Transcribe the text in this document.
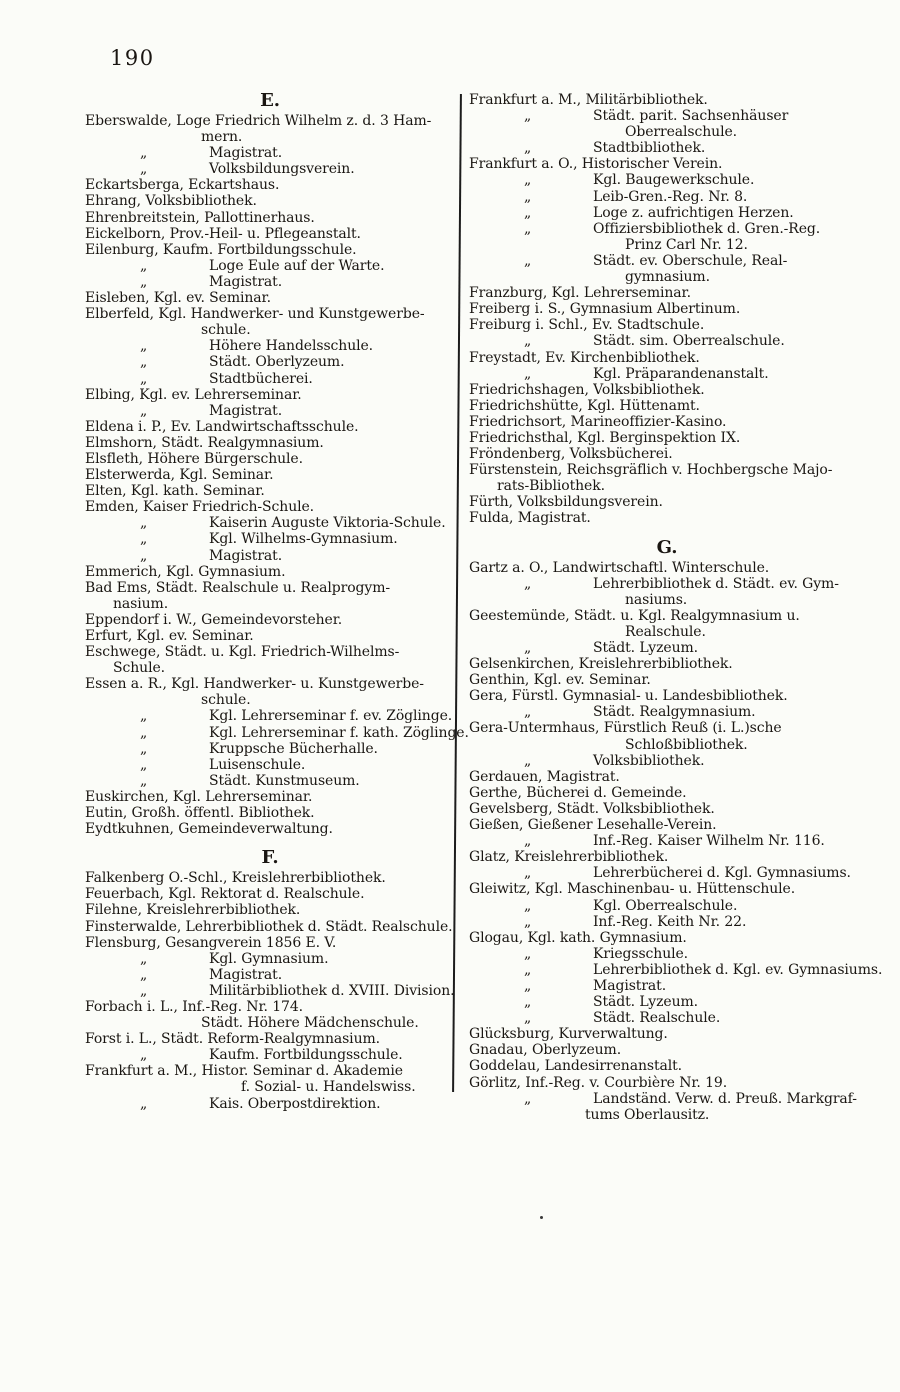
190
E.
Eberswalde, Loge Friedrich Wilhelm z. d. 3 Ham-
mern.
„	Magistrat.
„	Volksbildungsverein.
Eckartsberga, Eckartshaus.
Ehrang, Volksbibliothek.
Ehrenbreitstein, Pallottinerhaus.
Eickelborn, Prov.-Heil- u. Pflegeanstalt.
Eilenburg, Kaufm. Fortbildungsschule.
„	Loge Eule auf der Warte.
„	Magistrat.
Eisleben, Kgl. ev. Seminar.
Elberfeld, Kgl. Handwerker- und Kunstgewerbe-
schule.
„	Höhere Handelsschule.
„	Städt. Oberlyzeum.
„	Stadtbücherei.
Elbing, Kgl. ev. Lehrerseminar.
„	Magistrat.
Eldena i. P., Ev. Landwirtschaftsschule.
Elmshorn, Städt. Realgymnasium.
Elsfleth, Höhere Bürgerschule.
Elsterwerda, Kgl. Seminar.
Elten, Kgl. kath. Seminar.
Emden, Kaiser Friedrich-Schule.
„	Kaiserin Auguste Viktoria-Schule.
„	Kgl. Wilhelms-Gymnasium.
„	Magistrat.
Emmerich, Kgl. Gymnasium.
Bad Ems, Städt. Realschule u. Realprogym-
nasium.
Eppendorf i. W., Gemeindevorsteher.
Erfurt, Kgl. ev. Seminar.
Eschwege, Städt. u. Kgl. Friedrich-Wilhelms-
Schule.
Essen a. R., Kgl. Handwerker- u. Kunstgewerbe-
schule.
„	Kgl. Lehrerseminar f. ev. Zöglinge.
„	Kgl. Lehrerseminar f. kath. Zöglinge.
„	Kruppsche Bücherhalle.
„	Luisenschule.
„	Städt. Kunstmuseum.
Euskirchen, Kgl. Lehrerseminar.
Eutin, Großh. öffentl. Bibliothek.
Eydtkuhnen, Gemeindeverwaltung.
F.
Falkenberg O.-Schl., Kreislehrerbibliothek.
Feuerbach, Kgl. Rektorat d. Realschule.
Filehne, Kreislehrerbibliothek.
Finsterwalde, Lehrerbibliothek d. Städt. Realschule.
Flensburg, Gesangverein 1856 E. V.
„	Kgl. Gymnasium.
„	Magistrat.
„	Militärbibliothek d. XVIII. Division.
Forbach i. L., Inf.-Reg. Nr. 174.
Städt. Höhere Mädchenschule.
Forst i. L., Städt. Reform-Realgymnasium.
„	Kaufm. Fortbildungsschule.
Frankfurt a. M., Histor. Seminar d. Akademie
f. Sozial- u. Handelswiss.
„	Kais. Oberpostdirektion.
Frankfurt a. M., Militärbibliothek.
„	Städt. parit. Sachsenhäuser
Oberrealschule.
„	Stadtbibliothek.
Frankfurt a. O., Historischer Verein.
„	Kgl. Baugewerkschule.
„	Leib-Gren.-Reg. Nr. 8.
„	Loge z. aufrichtigen Herzen.
„	Offiziersbibliothek d. Gren.-Reg.
Prinz Carl Nr. 12.
„	Städt. ev. Oberschule, Real-
gymnasium.
Franzburg, Kgl. Lehrerseminar.
Freiberg i. S., Gymnasium Albertinum.
Freiburg i. Schl., Ev. Stadtschule.
„	Städt. sim. Oberrealschule.
Freystadt, Ev. Kirchenbibliothek.
„	Kgl. Präparandenanstalt.
Friedrichshagen, Volksbibliothek.
Friedrichshütte, Kgl. Hüttenamt.
Friedrichsort, Marineoffizier-Kasino.
Friedrichsthal, Kgl. Berginspektion IX.
Fröndenberg, Volksbücherei.
Fürstenstein, Reichsgräflich v. Hochbergsche Majo-
rats-Bibliothek.
Fürth, Volksbildungsverein.
Fulda, Magistrat.
G.
Gartz a. O., Landwirtschaftl. Winterschule.
„	Lehrerbibliothek d. Städt. ev. Gym-
nasiums.
Geestemünde, Städt. u. Kgl. Realgymnasium u.
Realschule.
„	Städt. Lyzeum.
Gelsenkirchen, Kreislehrerbibliothek.
Genthin, Kgl. ev. Seminar.
Gera, Fürstl. Gymnasial- u. Landesbibliothek.
„	Städt. Realgymnasium.
Gera-Untermhaus, Fürstlich Reuß (i. L.)sche
Schloßbibliothek.
„	Volksbibliothek.
Gerdauen, Magistrat.
Gerthe, Bücherei d. Gemeinde.
Gevelsberg, Städt. Volksbibliothek.
Gießen, Gießener Lesehalle-Verein.
„	Inf.-Reg. Kaiser Wilhelm Nr. 116.
Glatz, Kreislehrerbibliothek.
„	Lehrerbücherei d. Kgl. Gymnasiums.
Gleiwitz, Kgl. Maschinenbau- u. Hüttenschule.
„	Kgl. Oberrealschule.
„	Inf.-Reg. Keith Nr. 22.
Glogau, Kgl. kath. Gymnasium.
„	Kriegsschule.
„	Lehrerbibliothek d. Kgl. ev. Gymnasiums.
„	Magistrat.
„	Städt. Lyzeum.
„	Städt. Realschule.
Glücksburg, Kurverwaltung.
Gnadau, Oberlyzeum.
Goddelau, Landesirrenanstalt.
Görlitz, Inf.-Reg. v. Courbière Nr. 19.
„	Landständ. Verw. d. Preuß. Markgraf-
tums Oberlausitz.
